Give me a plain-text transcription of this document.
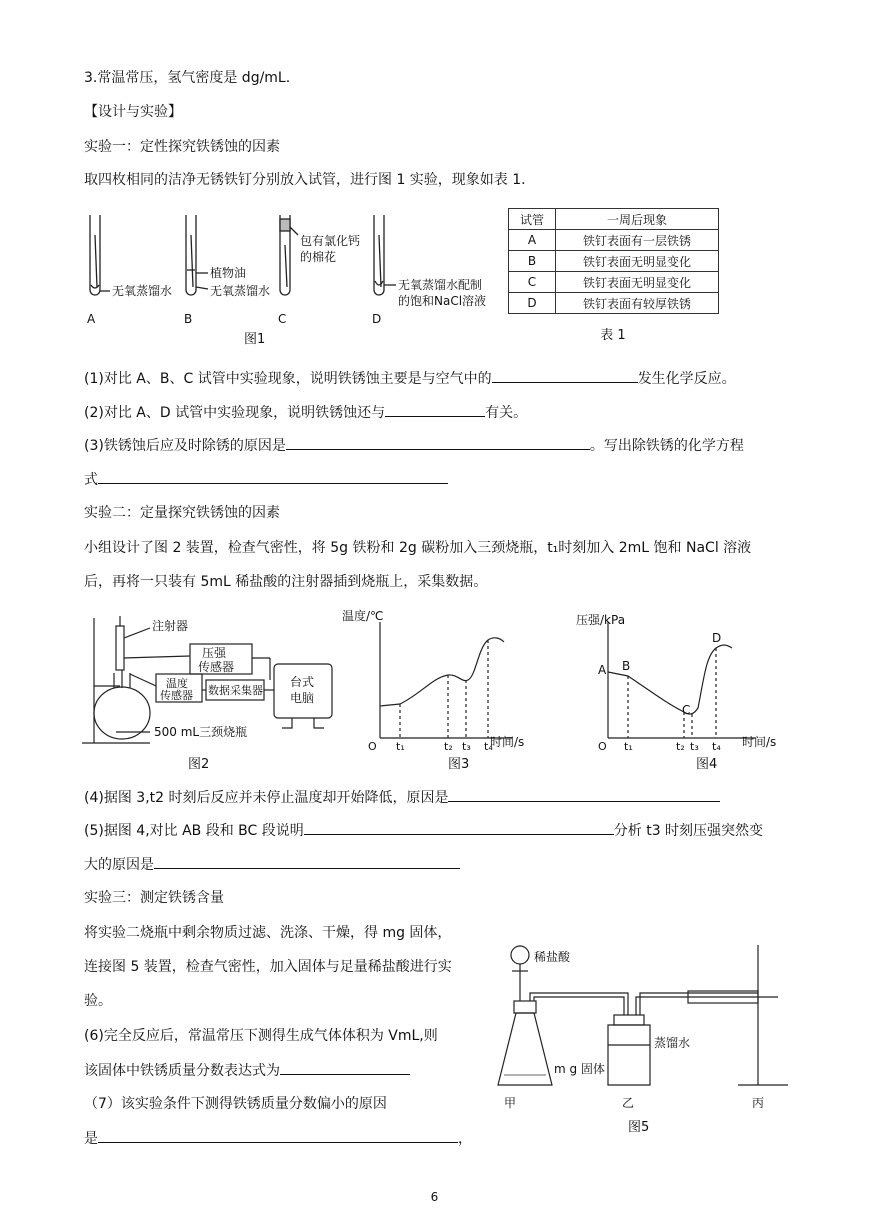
3.常温常压，氢气密度是 dg/mL.
【设计与实验】
实验一：定性探究铁锈蚀的因素
取四枚相同的洁净无锈铁钉分别放入试管，进行图 1 实验，现象如表 1.
无氧蒸馏水
植物油
无氧蒸馏水
包有氯化钙
的棉花
无氧蒸馏水配制
的饱和NaCl溶液
A	B	C	D
图1
试管	一周后现象
A	铁钉表面有一层铁锈
B	铁钉表面无明显变化
C	铁钉表面无明显变化
D	铁钉表面有较厚铁锈
表 1
(1)对比 A、B、C 试管中实验现象，说明铁锈蚀主要是与空气中的	发生化学反应。
(2)对比 A、D 试管中实验现象，说明铁锈蚀还与	有关。
(3)铁锈蚀后应及时除锈的原因是	。写出除铁锈的化学方程
式
实验二：定量探究铁锈蚀的因素
小组设计了图 2 装置，检查气密性，将 5g 铁粉和 2g 碳粉加入三颈烧瓶，t₁时刻加入 2mL 饱和 NaCl 溶液
后，再将一只装有 5mL 稀盐酸的注射器插到烧瓶上，采集数据。
注射器
压强
传感器
温度
传感器 数据采集器
台式
电脑
500 mL三颈烧瓶
图2
温度/℃
O t₁	t₂ t₃ t₄
时间/s
图3
压强/kPa
A B
C
D
O t₁	t₂ t₃ t₄ 时间/s
图4
(4)据图 3,t2 时刻后反应并未停止温度却开始降低，原因是
(5)据图 4,对比 AB 段和 BC 段说明	分析 t3 时刻压强突然变
大的原因是
实验三：测定铁锈含量
将实验二烧瓶中剩余物质过滤、洗涤、干燥，得 mg 固体，
连接图 5 装置，检查气密性，加入固体与足量稀盐酸进行实
验。
(6)完全反应后，常温常压下测得生成气体体积为 VmL,则
该固体中铁锈质量分数表达式为
（7）该实验条件下测得铁锈质量分数偏小的原因
是	，
稀盐酸
m g 固体
蒸馏水
甲	乙	丙
图5
6
